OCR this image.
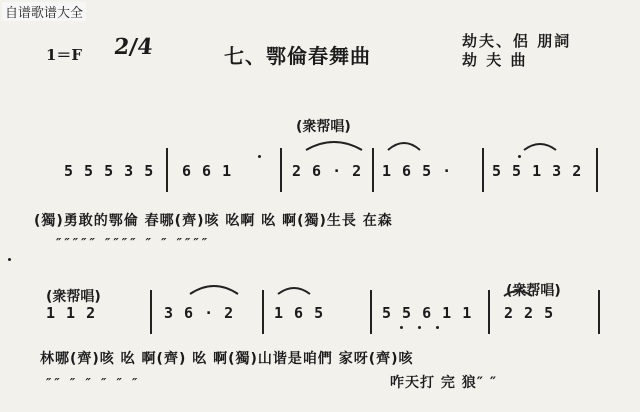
自谱歌谱大全
1＝F 2/4	七、鄂倫春舞曲
劫夫、侶 朋詞
劫 夫 曲
(衆帮唱)
5 5 5 3 5 6 6 1	2 6 · 2 1 6 5 ·	5 5 1 3 2
(獨)勇敢的鄂倫 春哪(齊)咳 吆啊 吆 啊(獨)生長 在森
″″″″″ ″″″″ ″ ″ ″″″″
(衆帮唱)	(衆帮唱)
1 1 2	3 6 · 2	1 6 5	5 5 6 1 1 2 2 5
林哪(齊)咳 吆 啊(齊) 吆 啊(獨)山谐是咱們 家呀(齊)咳
咋天打 完 狼″ ″
″″ ″ ″ ″ ″ ″
